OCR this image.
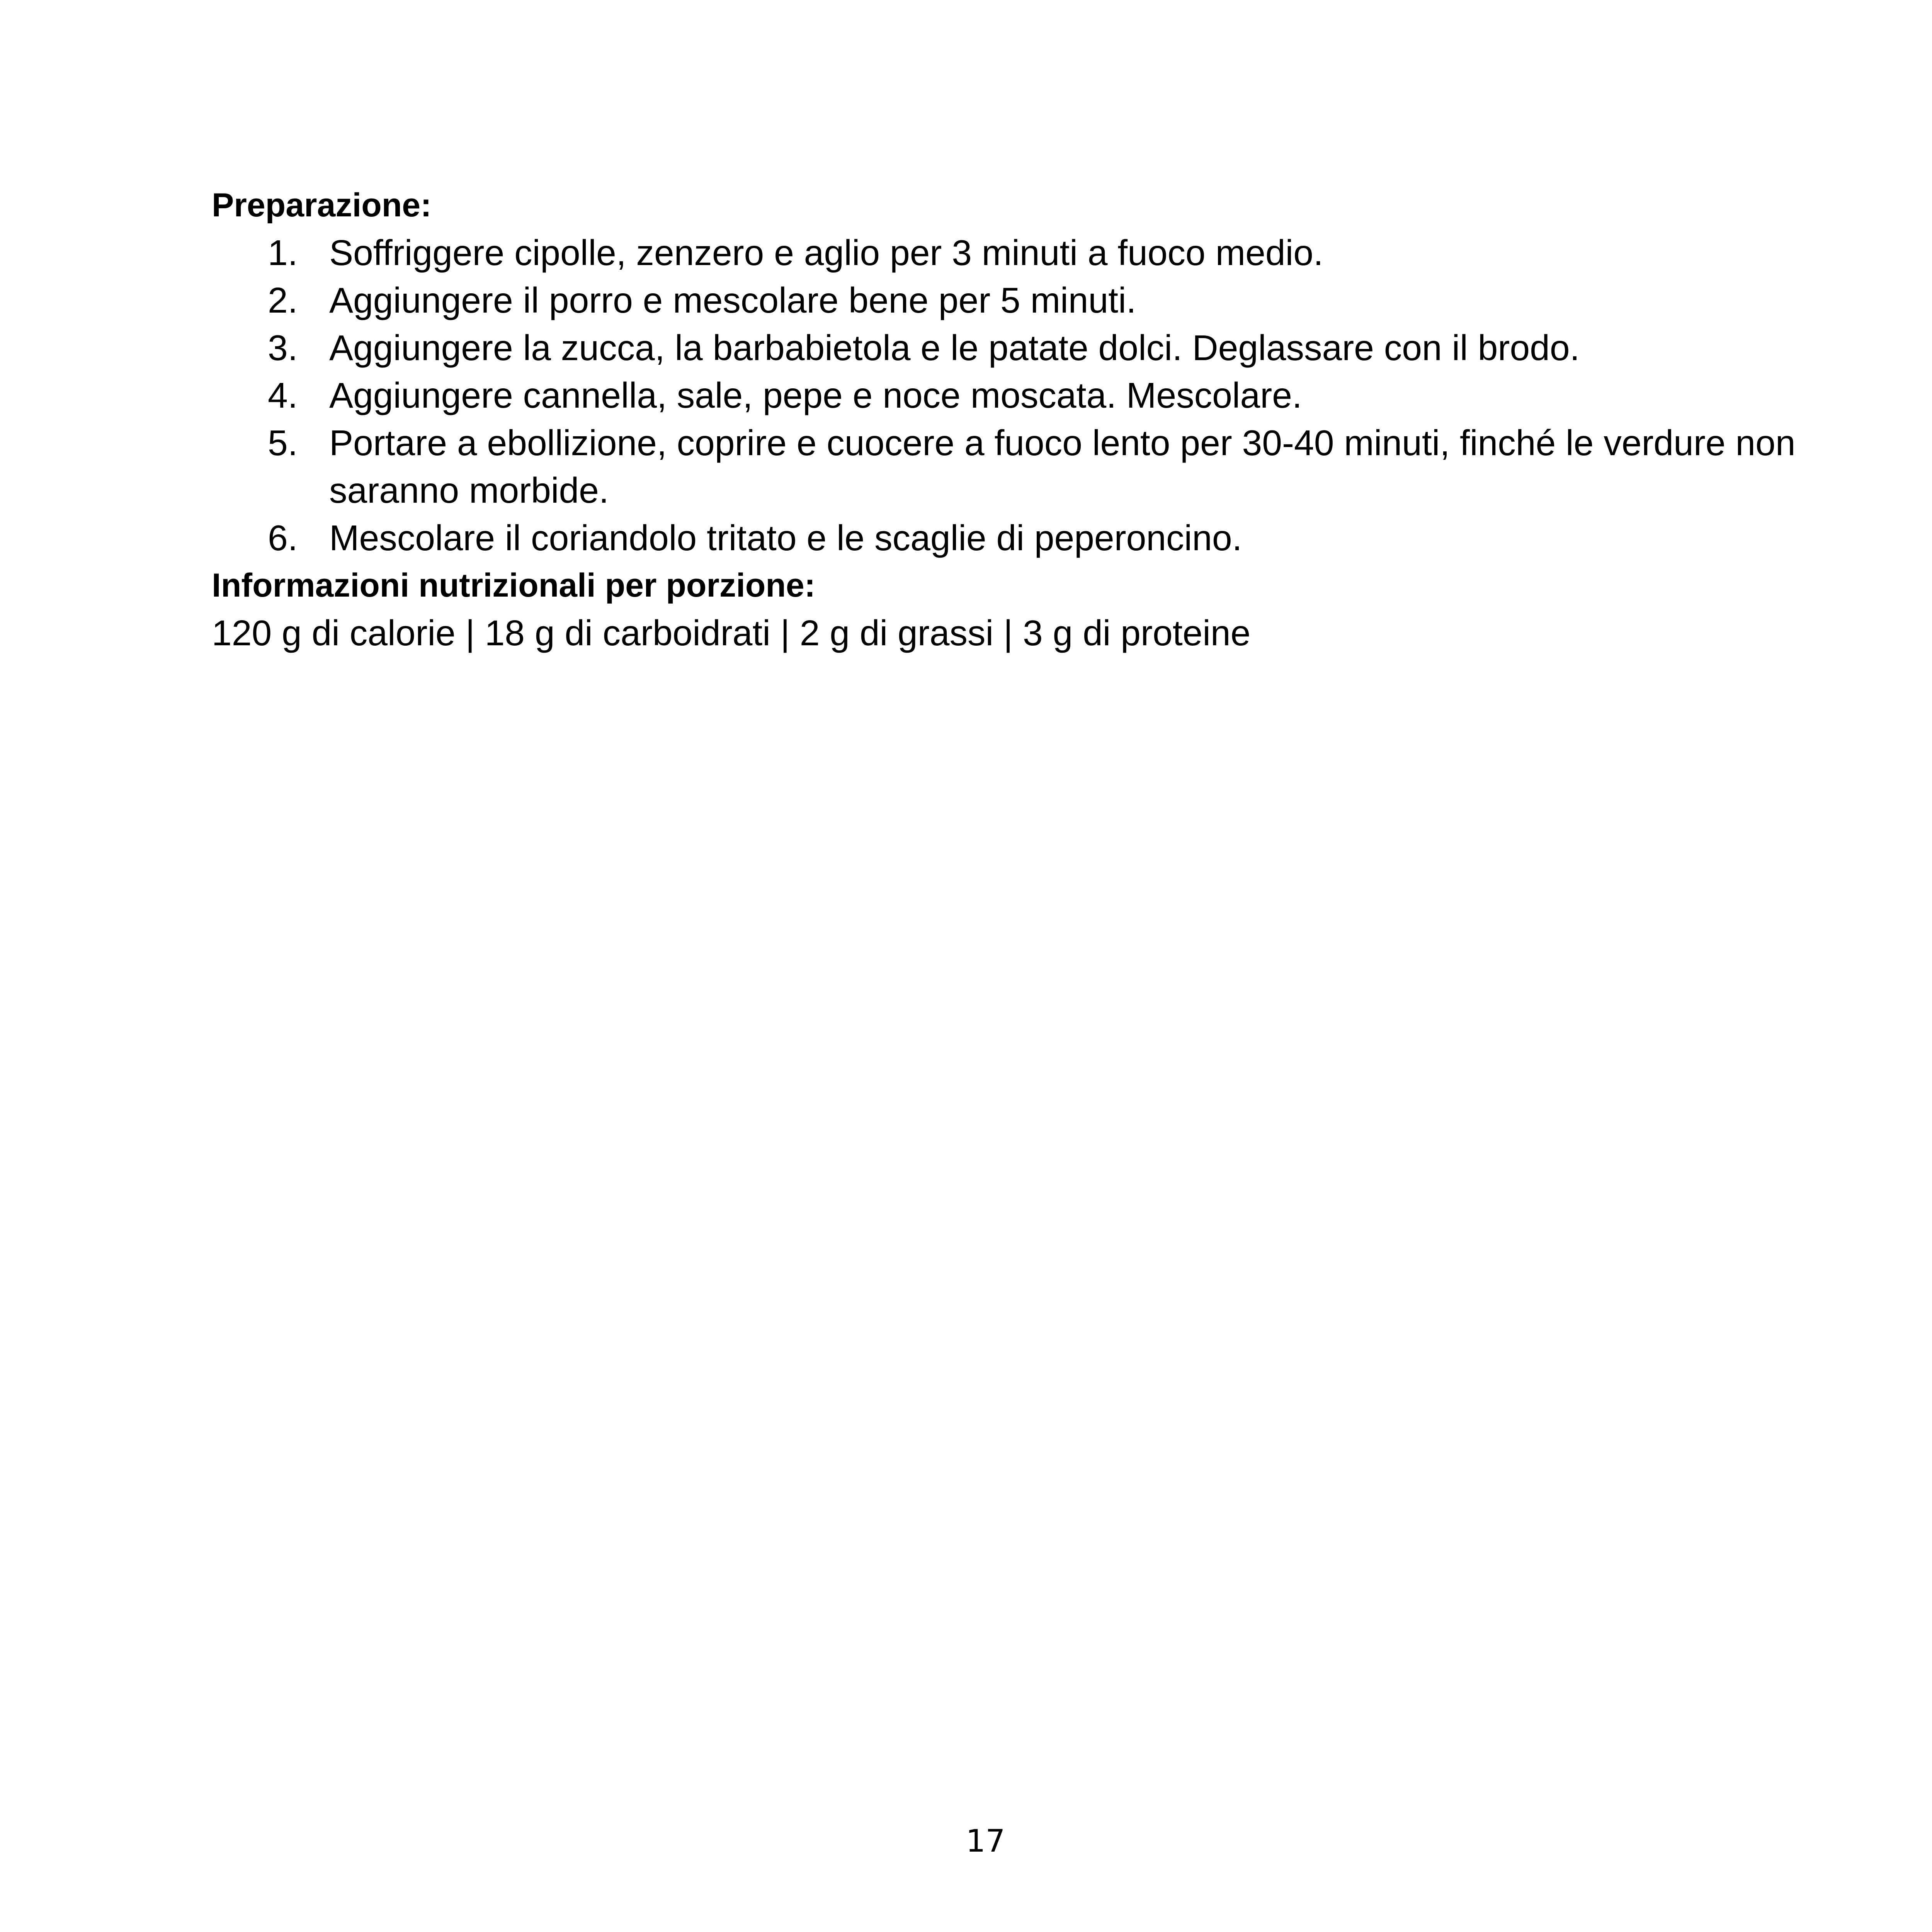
Preparazione:

1. Soffriggere cipolle, zenzero e aglio per 3 minuti a fuoco medio.
2. Aggiungere il porro e mescolare bene per 5 minuti.
3. Aggiungere la zucca, la barbabietola e le patate dolci. Deglassare con il brodo.
4. Aggiungere cannella, sale, pepe e noce moscata. Mescolare.
5. Portare a ebollizione, coprire e cuocere a fuoco lento per 30-40 minuti, finché le verdure non saranno morbide.
6. Mescolare il coriandolo tritato e le scaglie di peperoncino.

Informazioni nutrizionali per porzione:

120 g di calorie | 18 g di carboidrati | 2 g di grassi | 3 g di proteine

17
